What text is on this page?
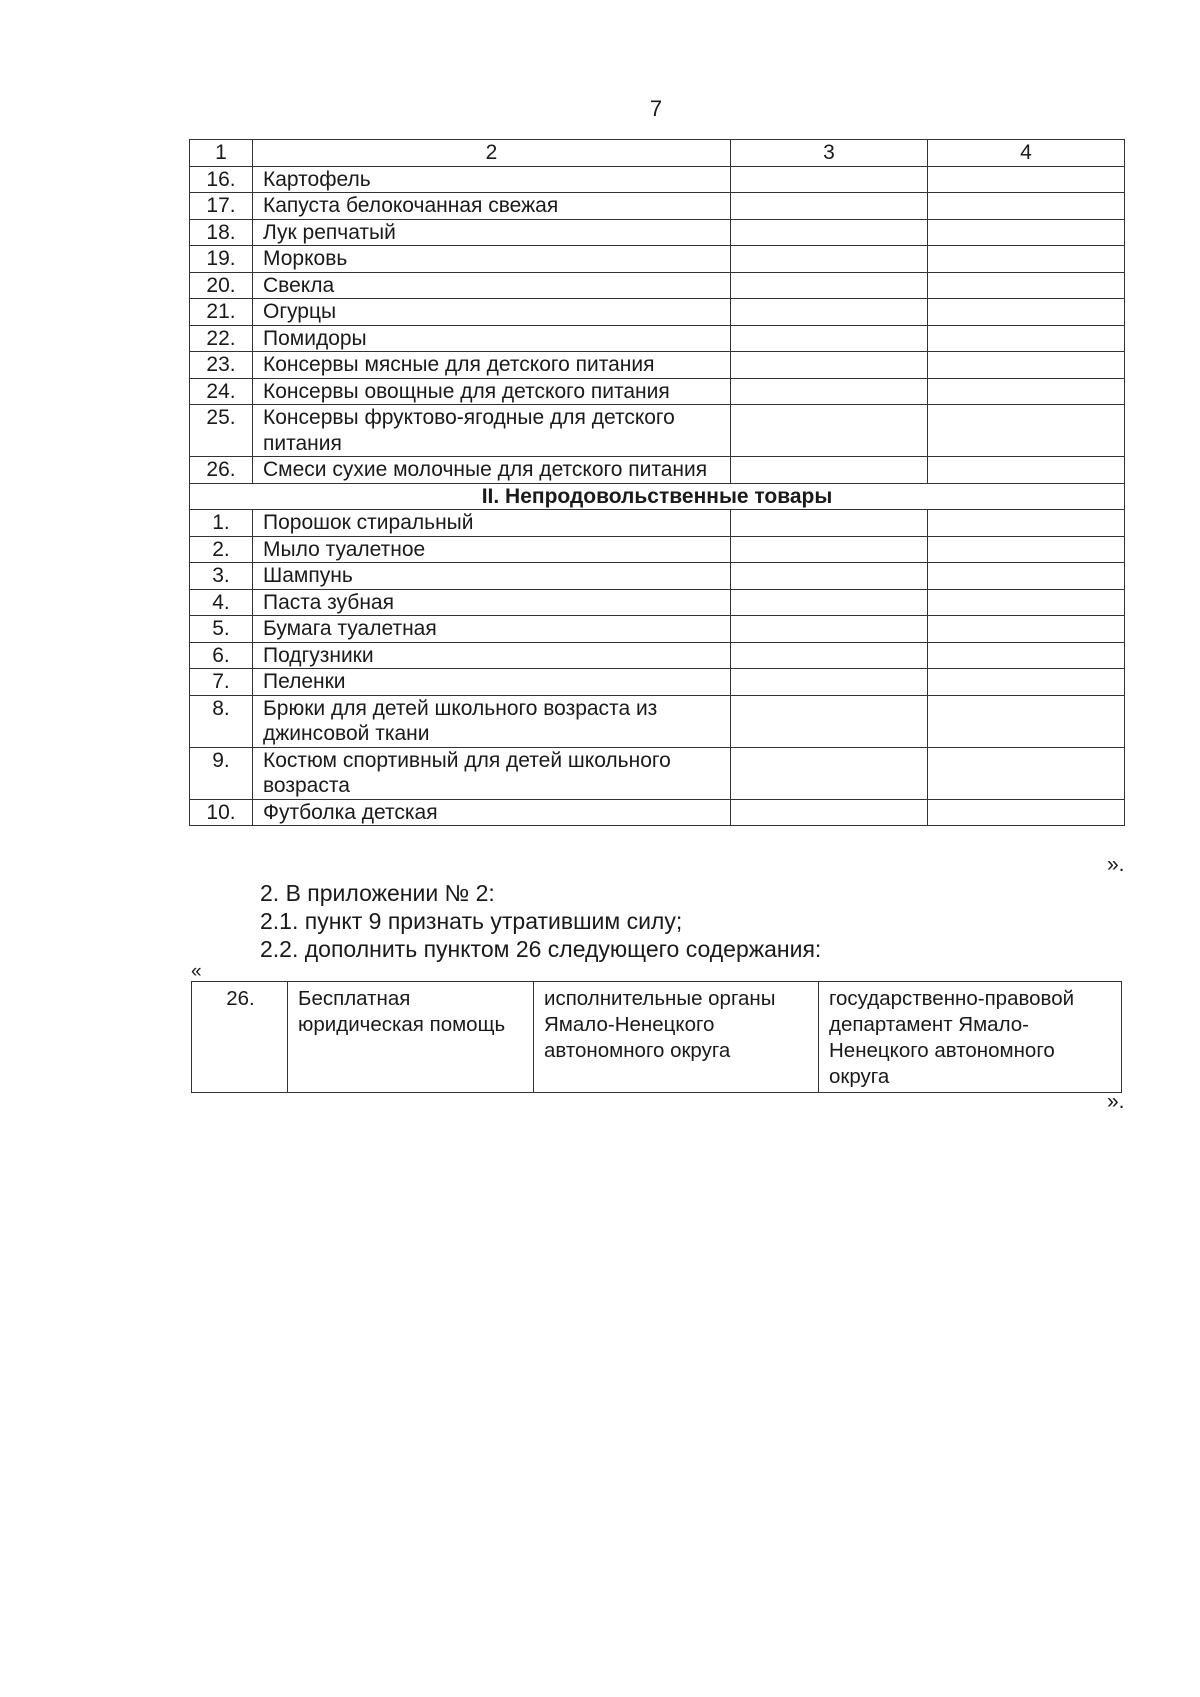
7
1	2	3	4
16.	Картофель		
17.	Капуста белокочанная свежая		
18.	Лук репчатый		
19.	Морковь		
20.	Свекла		
21.	Огурцы		
22.	Помидоры		
23.	Консервы мясные для детского питания		
24.	Консервы овощные для детского питания		
25.	Консервы фруктово-ягодные для детского питания		
26.	Смеси сухие молочные для детского питания		
II. Непродовольственные товары			
1.	Порошок стиральный		
2.	Мыло туалетное		
3.	Шампунь		
4.	Паста зубная		
5.	Бумага туалетная		
6.	Подгузники		
7.	Пеленки		
8.	Брюки для детей школьного возраста из джинсовой ткани		
9.	Костюм спортивный для детей школьного возраста		
10.	Футболка детская		
».
2. В приложении № 2:
2.1. пункт 9 признать утратившим силу;
2.2. дополнить пунктом 26 следующего содержания:
«
26.	Бесплатная юридическая помощь	исполнительные органы Ямало-Ненецкого автономного округа	государственно-правовой департамент Ямало-Ненецкого автономного округа
».
